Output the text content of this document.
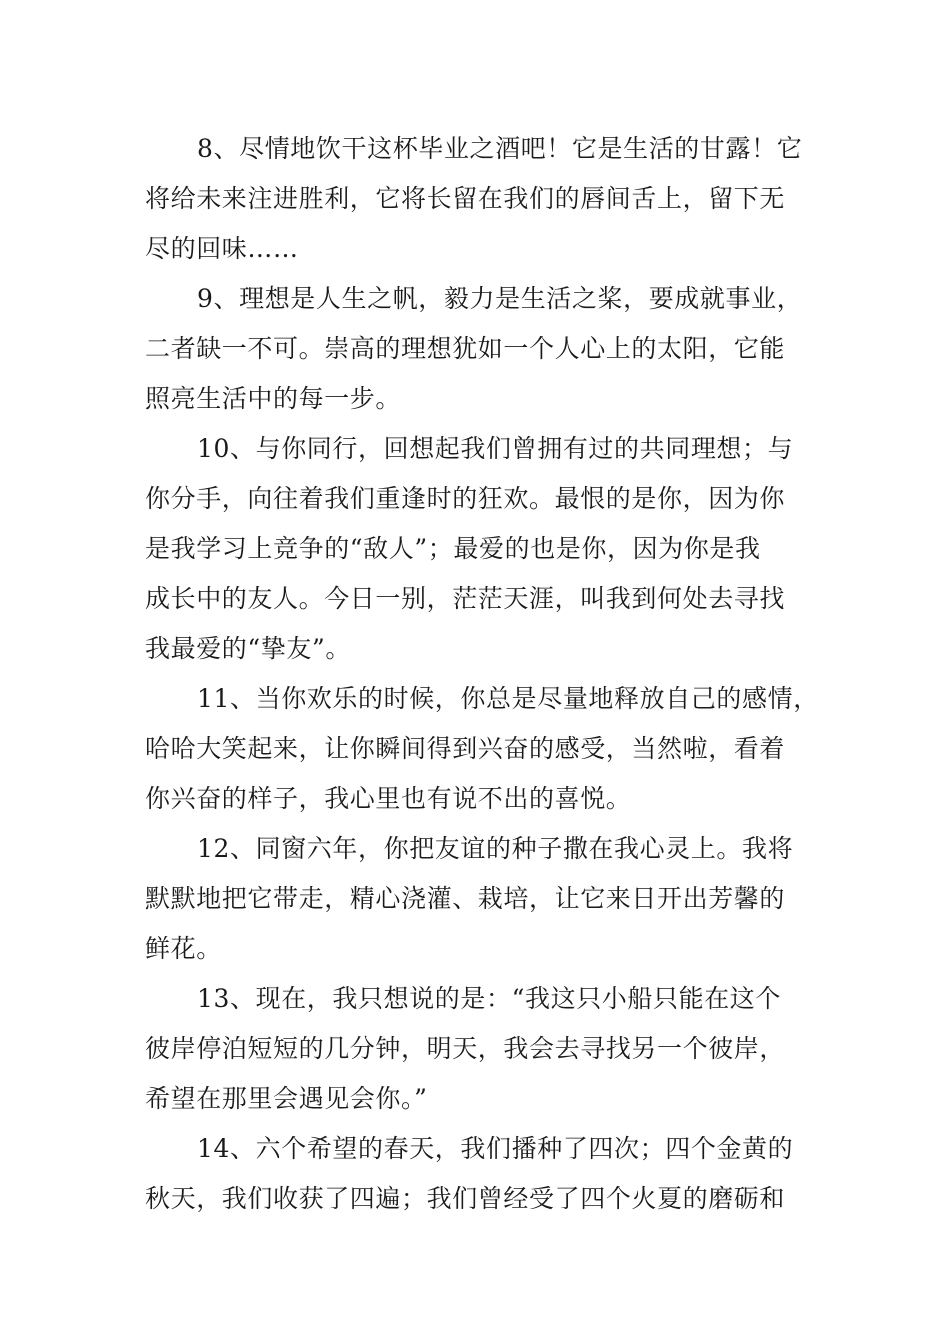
8、尽情地饮干这杯毕业之酒吧！它是生活的甘露！它
将给未来注进胜利，它将长留在我们的唇间舌上，留下无
尽的回味……
9、理想是人生之帆，毅力是生活之桨，要成就事业，
二者缺一不可。崇高的理想犹如一个人心上的太阳，它能
照亮生活中的每一步。
10、与你同行，回想起我们曾拥有过的共同理想；与
你分手，向往着我们重逢时的狂欢。最恨的是你，因为你
是我学习上竞争的“敌人”；最爱的也是你，因为你是我
成长中的友人。今日一别，茫茫天涯，叫我到何处去寻找
我最爱的“挚友”。
11、当你欢乐的时候，你总是尽量地释放自己的感情，
哈哈大笑起来，让你瞬间得到兴奋的感受，当然啦，看着
你兴奋的样子，我心里也有说不出的喜悦。
12、同窗六年，你把友谊的种子撒在我心灵上。我将
默默地把它带走，精心浇灌、栽培，让它来日开出芳馨的
鲜花。
13、现在，我只想说的是：“我这只小船只能在这个
彼岸停泊短短的几分钟，明天，我会去寻找另一个彼岸，
希望在那里会遇见会你。”
14、六个希望的春天，我们播种了四次；四个金黄的
秋天，我们收获了四遍；我们曾经受了四个火夏的磨砺和
